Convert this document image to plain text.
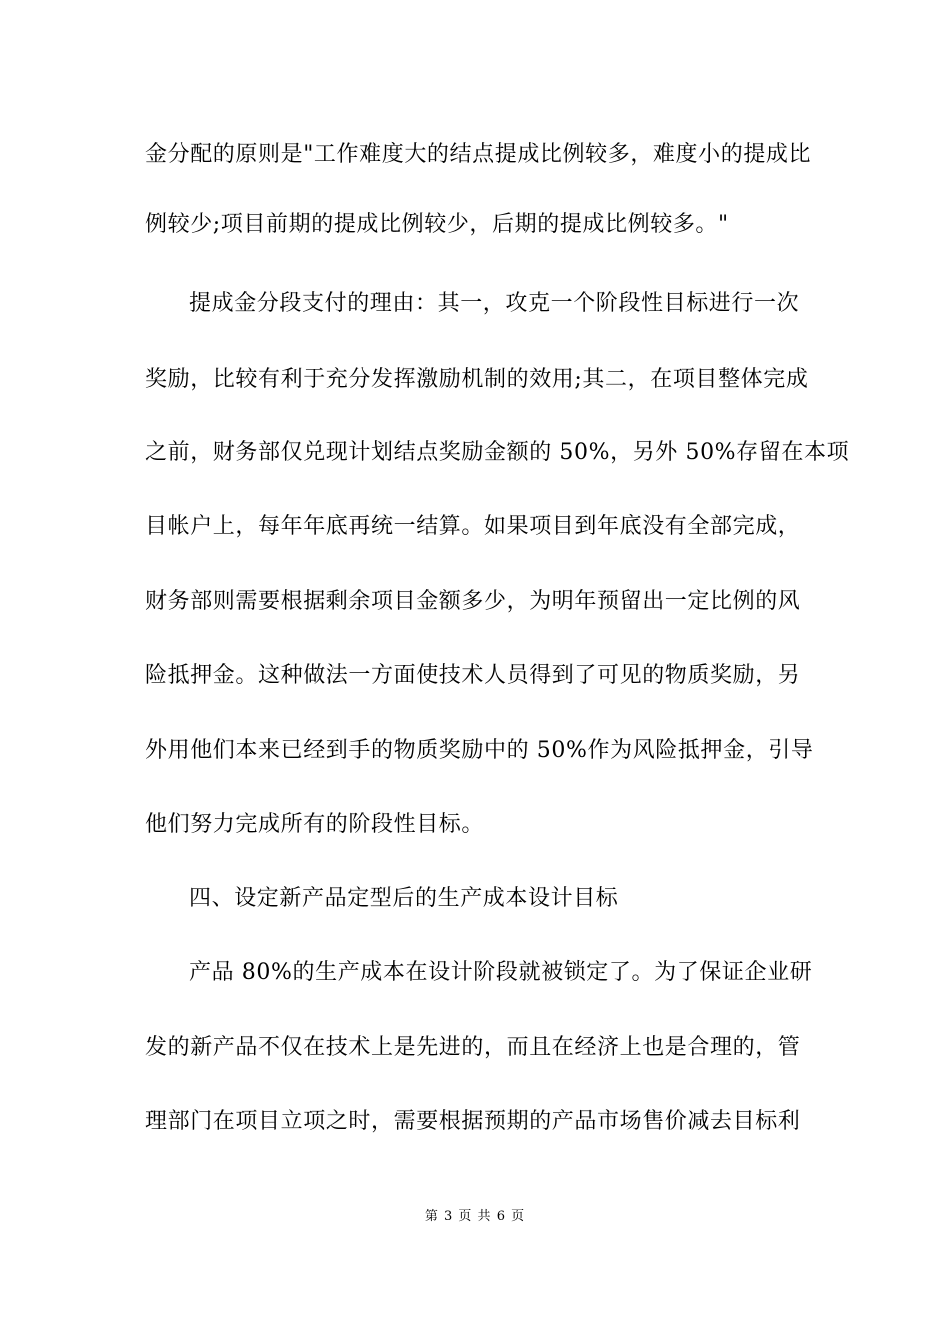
金分配的原则是"工作难度大的结点提成比例较多，难度小的提成比
例较少;项目前期的提成比例较少，后期的提成比例较多。"
提成金分段支付的理由：其一，攻克一个阶段性目标进行一次
奖励，比较有利于充分发挥激励机制的效用;其二，在项目整体完成
之前，财务部仅兑现计划结点奖励金额的 50%，另外 50%存留在本项
目帐户上，每年年底再统一结算。如果项目到年底没有全部完成，
财务部则需要根据剩余项目金额多少，为明年预留出一定比例的风
险抵押金。这种做法一方面使技术人员得到了可见的物质奖励，另
外用他们本来已经到手的物质奖励中的 50%作为风险抵押金，引导
他们努力完成所有的阶段性目标。
四、设定新产品定型后的生产成本设计目标
产品 80%的生产成本在设计阶段就被锁定了。为了保证企业研
发的新产品不仅在技术上是先进的，而且在经济上也是合理的，管
理部门在项目立项之时，需要根据预期的产品市场售价减去目标利
第 3 页 共 6 页
